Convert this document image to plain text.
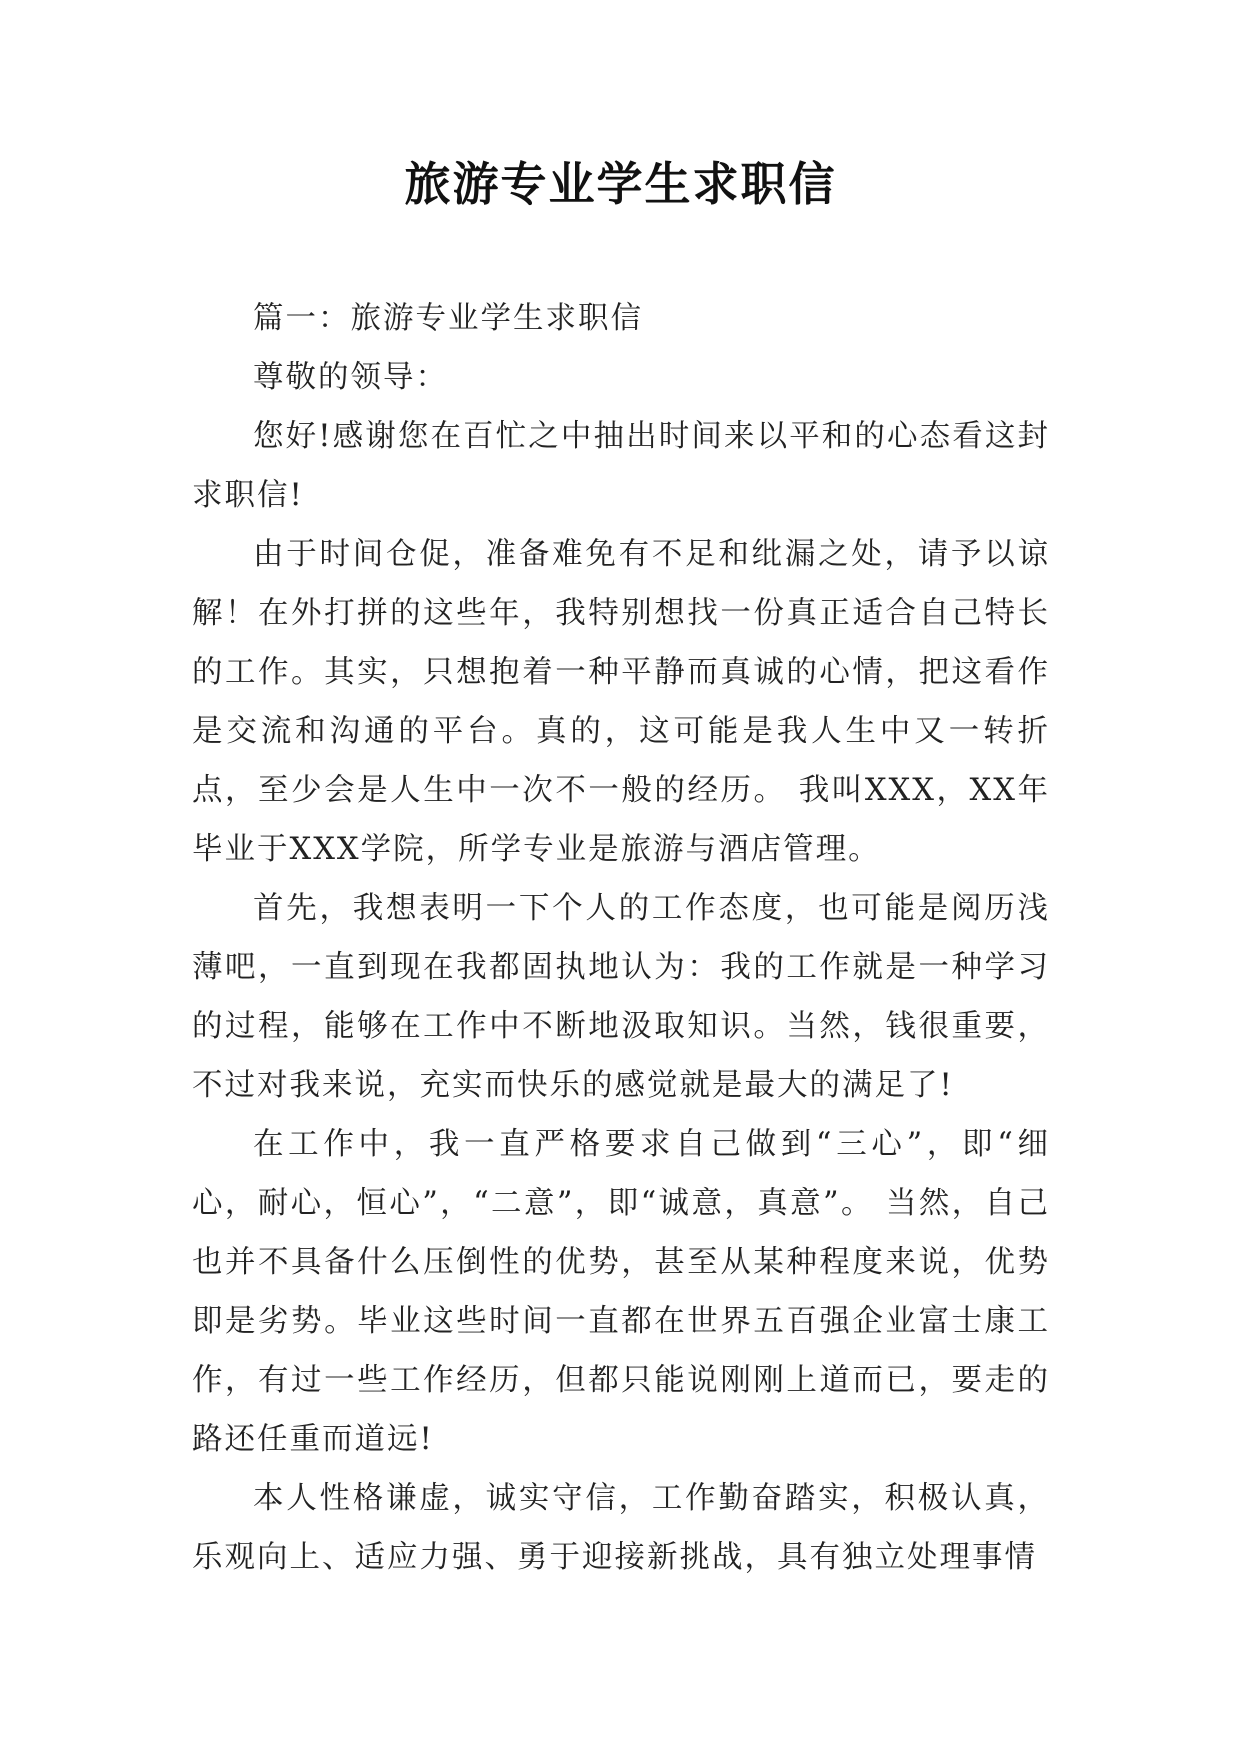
旅游专业学生求职信

篇一：旅游专业学生求职信

尊敬的领导：

您好!感谢您在百忙之中抽出时间来以平和的心态看这封求职信!

由于时间仓促，准备难免有不足和纰漏之处，请予以谅解！在外打拼的这些年，我特别想找一份真正适合自己特长的工作。其实，只想抱着一种平静而真诚的心情，把这看作是交流和沟通的平台。真的，这可能是我人生中又一转折点，至少会是人生中一次不一般的经历。 我叫XXX，XX年毕业于XXX学院，所学专业是旅游与酒店管理。

首先，我想表明一下个人的工作态度，也可能是阅历浅薄吧，一直到现在我都固执地认为：我的工作就是一种学习的过程，能够在工作中不断地汲取知识。当然，钱很重要，不过对我来说，充实而快乐的感觉就是最大的满足了!

在工作中，我一直严格要求自己做到“三心”，即“细心，耐心，恒心”，“二意”，即“诚意，真意”。 当然，自己也并不具备什么压倒性的优势，甚至从某种程度来说，优势即是劣势。毕业这些时间一直都在世界五百强企业富士康工作，有过一些工作经历，但都只能说刚刚上道而已，要走的路还任重而道远!

本人性格谦虚，诚实守信，工作勤奋踏实，积极认真，乐观向上、适应力强、勇于迎接新挑战，具有独立处理事情
